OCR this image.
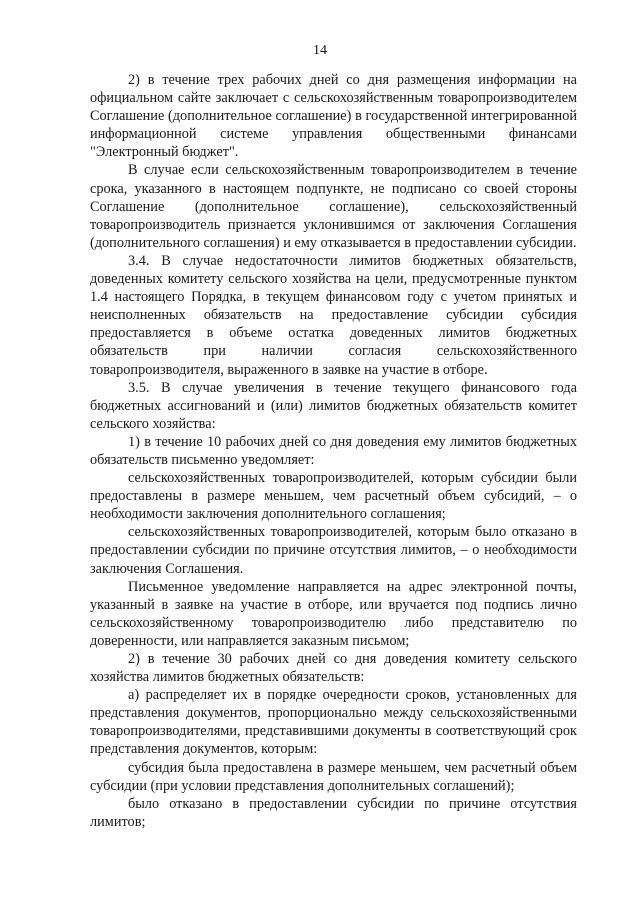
14

2) в течение трех рабочих дней со дня размещения информации на официальном сайте заключает с сельскохозяйственным товаропроизводителем Соглашение (дополнительное соглашение) в государственной интегрированной информационной системе управления общественными финансами "Электронный бюджет".

В случае если сельскохозяйственным товаропроизводителем в течение срока, указанного в настоящем подпункте, не подписано со своей стороны Соглашение (дополнительное соглашение), сельскохозяйственный товаропроизводитель признается уклонившимся от заключения Соглашения (дополнительного соглашения) и ему отказывается в предоставлении субсидии.

3.4. В случае недостаточности лимитов бюджетных обязательств, доведенных комитету сельского хозяйства на цели, предусмотренные пунктом 1.4 настоящего Порядка, в текущем финансовом году с учетом принятых и неисполненных обязательств на предоставление субсидии субсидия предоставляется в объеме остатка доведенных лимитов бюджетных обязательств при наличии согласия сельскохозяйственного товаропроизводителя, выраженного в заявке на участие в отборе.

3.5. В случае увеличения в течение текущего финансового года бюджетных ассигнований и (или) лимитов бюджетных обязательств комитет сельского хозяйства:

1) в течение 10 рабочих дней со дня доведения ему лимитов бюджетных обязательств письменно уведомляет:

сельскохозяйственных товаропроизводителей, которым субсидии были предоставлены в размере меньшем, чем расчетный объем субсидий, – о необходимости заключения дополнительного соглашения;

сельскохозяйственных товаропроизводителей, которым было отказано в предоставлении субсидии по причине отсутствия лимитов, – о необходимости заключения Соглашения.

Письменное уведомление направляется на адрес электронной почты, указанный в заявке на участие в отборе, или вручается под подпись лично сельскохозяйственному товаропроизводителю либо представителю по доверенности, или направляется заказным письмом;

2) в течение 30 рабочих дней со дня доведения комитету сельского хозяйства лимитов бюджетных обязательств:

а) распределяет их в порядке очередности сроков, установленных для представления документов, пропорционально между сельскохозяйственными товаропроизводителями, представившими документы в соответствующий срок представления документов, которым:

субсидия была предоставлена в размере меньшем, чем расчетный объем субсидии (при условии представления дополнительных соглашений);

было отказано в предоставлении субсидии по причине отсутствия лимитов;
